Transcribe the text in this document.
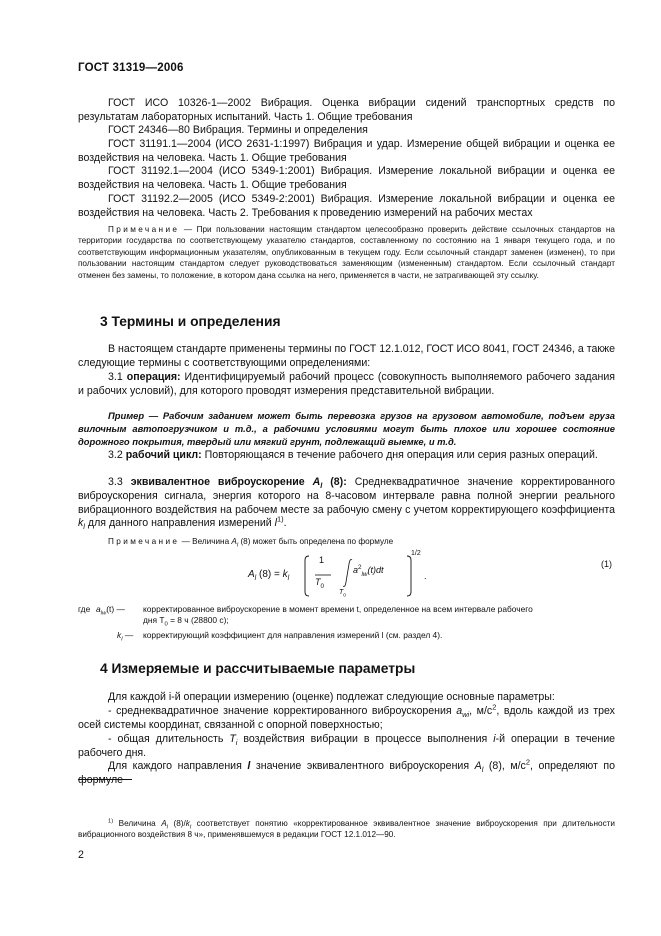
ГОСТ 31319—2006
ГОСТ ИСО 10326-1—2002 Вибрация. Оценка вибрации сидений транспортных средств по результатам лабораторных испытаний. Часть 1. Общие требования
ГОСТ 24346—80 Вибрация. Термины и определения
ГОСТ 31191.1—2004 (ИСО 2631-1:1997) Вибрация и удар. Измерение общей вибрации и оценка ее воздействия на человека. Часть 1. Общие требования
ГОСТ 31192.1—2004 (ИСО 5349-1:2001) Вибрация. Измерение локальной вибрации и оценка ее воздействия на человека. Часть 1. Общие требования
ГОСТ 31192.2—2005 (ИСО 5349-2:2001) Вибрация. Измерение локальной вибрации и оценка ее воздействия на человека. Часть 2. Требования к проведению измерений на рабочих местах
Примечание — При пользовании настоящим стандартом целесообразно проверить действие ссылочных стандартов на территории государства по соответствующему указателю стандартов, составленному по состоянию на 1 января текущего года, и по соответствующим информационным указателям, опубликованным в текущем году. Если ссылочный стандарт заменен (изменен), то при пользовании настоящим стандартом следует руководствоваться заменяющим (измененным) стандартом. Если ссылочный стандарт отменен без замены, то положение, в котором дана ссылка на него, применяется в части, не затрагивающей эту ссылку.
3 Термины и определения
В настоящем стандарте применены термины по ГОСТ 12.1.012, ГОСТ ИСО 8041, ГОСТ 24346, а также следующие термины с соответствующими определениями:
3.1 операция: Идентифицируемый рабочий процесс (совокупность выполняемого рабочего задания и рабочих условий), для которого проводят измерения представительной вибрации.
Пример — Рабочим заданием может быть перевозка грузов на грузовом автомобиле, подъем груза вилочным автопогрузчиком и т.д., а рабочими условиями могут быть плохое или хорошее состояние дорожного покрытия, твердый или мягкий грунт, подлежащий выемке, и т.д.
3.2 рабочий цикл: Повторяющаяся в течение рабочего дня операция или серия разных операций.
3.3 эквивалентное виброускорение $A_l$ (8): Среднеквадратичное значение корректированного виброускорения сигнала, энергия которого на 8-часовом интервале равна полной энергии реального вибрационного воздействия на рабочем месте за рабочую смену с учетом корректирующего коэффициента $k_l$ для данного направления измерений $l^{1)}$.
Примечание — Величина $A_l$ (8) может быть определена по формуле
$A_l$ $(8) = k_l$
1
$T_0$
$T_0$
$a^2_{lw}(t)dt$
1/2
.
(1)
где $a_{lw}(t)$ — корректированное виброускорение в момент времени t, определенное на всем интервале рабочего
дня $T_0 = 8$ ч (28800 с);
$k_l$ — корректирующий коэффициент для направления измерений l (см. раздел 4).
4 Измеряемые и рассчитываемые параметры
Для каждой i-й операции измерению (оценке) подлежат следующие основные параметры:
- среднеквадратичное значение корректированного виброускорения $a_{wi}$, $м/с^2$, вдоль каждой из трех осей системы координат, связанной с опорной поверхностью;
- общая длительность $T_i$ воздействия вибрации в процессе выполнения i-й операции в течение рабочего дня.
Для каждого направления l значение эквивалентного виброускорения $A_l$ (8), $м/с^2$, определяют по формуле
$^{1)}$ Величина $A_l$ $(8)/k_l$ соответствует понятию «корректированное эквивалентное значение виброускорения при длительности вибрационного воздействия 8 ч», применявшемуся в редакции ГОСТ 12.1.012—90.
2
